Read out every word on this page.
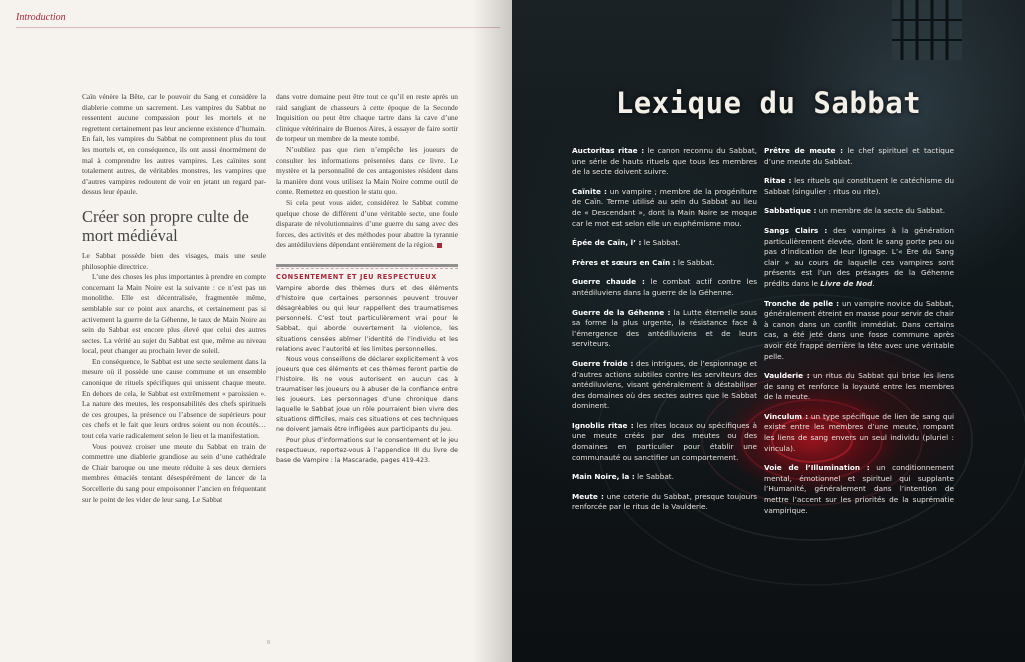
Introduction

Caïn vénère la Bête, car le pouvoir du Sang et considère la diablerie comme un sacrement. Les vampires du Sabbat ne ressentent aucune compassion pour les mortels et ne regrettent certainement pas leur ancienne existence d’humain. En fait, les vampires du Sabbat ne comprennent plus du tout les mortels et, en conséquence, ils ont aussi énormément de mal à comprendre les autres vampires. Les caïnites sont totalement autres, de véritables monstres, les vampires que d’autres vampires redoutent de voir en jetant un regard par-dessus leur épaule.

Créer son propre culte de mort médiéval

Le Sabbat possède bien des visages, mais une seule philosophie directrice.

L’une des choses les plus importantes à prendre en compte concernant la Main Noire est la suivante : ce n’est pas un monolithe. Elle est décentralisée, fragmentée même, semblable sur ce point aux anarchs, et certainement pas si activement la guerre de la Géhenne, le taux de Main Noire au sein du Sabbat est encore plus élevé que celui des autres sectes. La vérité au sujet du Sabbat est que, même au niveau local, peut changer au prochain lever de soleil.

En conséquence, le Sabbat est une secte seulement dans la mesure où il possède une cause commune et un ensemble canonique de rituels spécifiques qui unissent chaque meute. En dehors de cela, le Sabbat est extrêmement « paroissien ». La nature des meutes, les responsabilités des chefs spirituels de ces groupes, la présence ou l’absence de supérieurs pour ces chefs et le fait que leurs ordres soient ou non écoutés… tout cela varie radicalement selon le lieu et la manifestation.

Vous pouvez croiser une meute du Sabbat en train de commettre une diablerie grandiose au sein d’une cathédrale de Chair baroque ou une meute réduite à ses deux derniers membres émaciés tentant désespérément de lancer de la Sorcellerie du sang pour empoisonner l’ancien en fréquentant sur le point de les vider de leur sang. Le Sabbat

dans votre domaine peut être tout ce qu’il en reste après un raid sanglant de chasseurs à cette époque de la Seconde Inquisition ou peut être chaque tartre dans la cave d’une clinique vétérinaire de Buenos Aires, à essayer de faire sortir de torpeur un membre de la meute tombé.

N’oubliez pas que rien n’empêche les joueurs de consulter les informations présentées dans ce livre. Le mystère et la personnalité de ces antagonistes résident dans la manière dont vous utilisez la Main Noire comme outil de conte. Remettez en question le statu quo.

Si cela peut vous aider, considérez le Sabbat comme quelque chose de différent d’une véritable secte, une foule disparate de révolutionnaires d’une guerre du sang avec des forces, des activités et des méthodes pour abattre la tyrannie des antédiluviens dépendant entièrement de la région.

CONSENTEMENT ET JEU RESPECTUEUX

Vampire aborde des thèmes durs et des éléments d’histoire que certaines personnes peuvent trouver désagréables ou qui leur rappellent des traumatismes personnels. C’est tout particulièrement vrai pour le Sabbat, qui aborde ouvertement la violence, les situations censées abîmer l’identité de l’individu et les relations avec l’autorité et les limites personnelles.

Nous vous conseillons de déclarer explicitement à vos joueurs que ces éléments et ces thèmes feront partie de l’histoire. Ils ne vous autorisent en aucun cas à traumatiser les joueurs ou à abuser de la confiance entre les joueurs. Les personnages d’une chronique dans laquelle le Sabbat joue un rôle pourraient bien vivre des situations difficiles, mais ces situations et ces techniques ne doivent jamais être infligées aux participants du jeu.

Pour plus d’informations sur le consentement et le jeu respectueux, reportez-vous à l’appendice III du livre de base de Vampire : la Mascarade, pages 419-423.

8
Lexique du Sabbat
Auctoritas ritae : le canon reconnu du Sabbat, une série de hauts rituels que tous les membres de la secte doivent suivre.
Caïnite : un vampire ; membre de la progéniture de Caïn. Terme utilisé au sein du Sabbat au lieu de « Descendant », dont la Main Noire se moque car le mot est selon elle un euphémisme mou.
Épée de Caïn, l’ : le Sabbat.
Frères et sœurs en Caïn : le Sabbat.
Guerre chaude : le combat actif contre les antédiluviens dans la guerre de la Géhenne.
Guerre de la Géhenne : la Lutte éternelle sous sa forme la plus urgente, la résistance face à l’émergence des antédiluviens et de leurs serviteurs.
Guerre froide : des intrigues, de l’espionnage et d’autres actions subtiles contre les serviteurs des antédiluviens, visant généralement à déstabiliser des domaines où des sectes autres que le Sabbat dominent.
Ignoblis ritae : les rites locaux ou spécifiques à une meute créés par des meutes ou des domaines en particulier pour établir une communauté ou sanctifier un comportement.
Main Noire, la : le Sabbat.
Meute : une coterie du Sabbat, presque toujours renforcée par le ritus de la Vaulderie.
Prêtre de meute : le chef spirituel et tactique d’une meute du Sabbat.
Ritae : les rituels qui constituent le catéchisme du Sabbat (singulier : ritus ou rite).
Sabbatique : un membre de la secte du Sabbat.
Sangs Clairs : des vampires à la génération particulièrement élevée, dont le sang porte peu ou pas d’indication de leur lignage. L’« Ère du Sang clair » au cours de laquelle ces vampires sont présents est l’un des présages de la Géhenne prédits dans le Livre de Nod.
Tronche de pelle : un vampire novice du Sabbat, généralement étreint en masse pour servir de chair à canon dans un conflit immédiat. Dans certains cas, a été jeté dans une fosse commune après avoir été frappé derrière la tête avec une véritable pelle.
Vaulderie : un ritus du Sabbat qui brise les liens de sang et renforce la loyauté entre les membres de la meute.
Vinculum : un type spécifique de lien de sang qui existe entre les membres d’une meute, rompant les liens de sang envers un seul individu (pluriel : vincula).
Voie de l’Illumination : un conditionnement mental, émotionnel et spirituel qui supplante l’Humanité, généralement dans l’intention de mettre l’accent sur les priorités de la suprématie vampirique.
